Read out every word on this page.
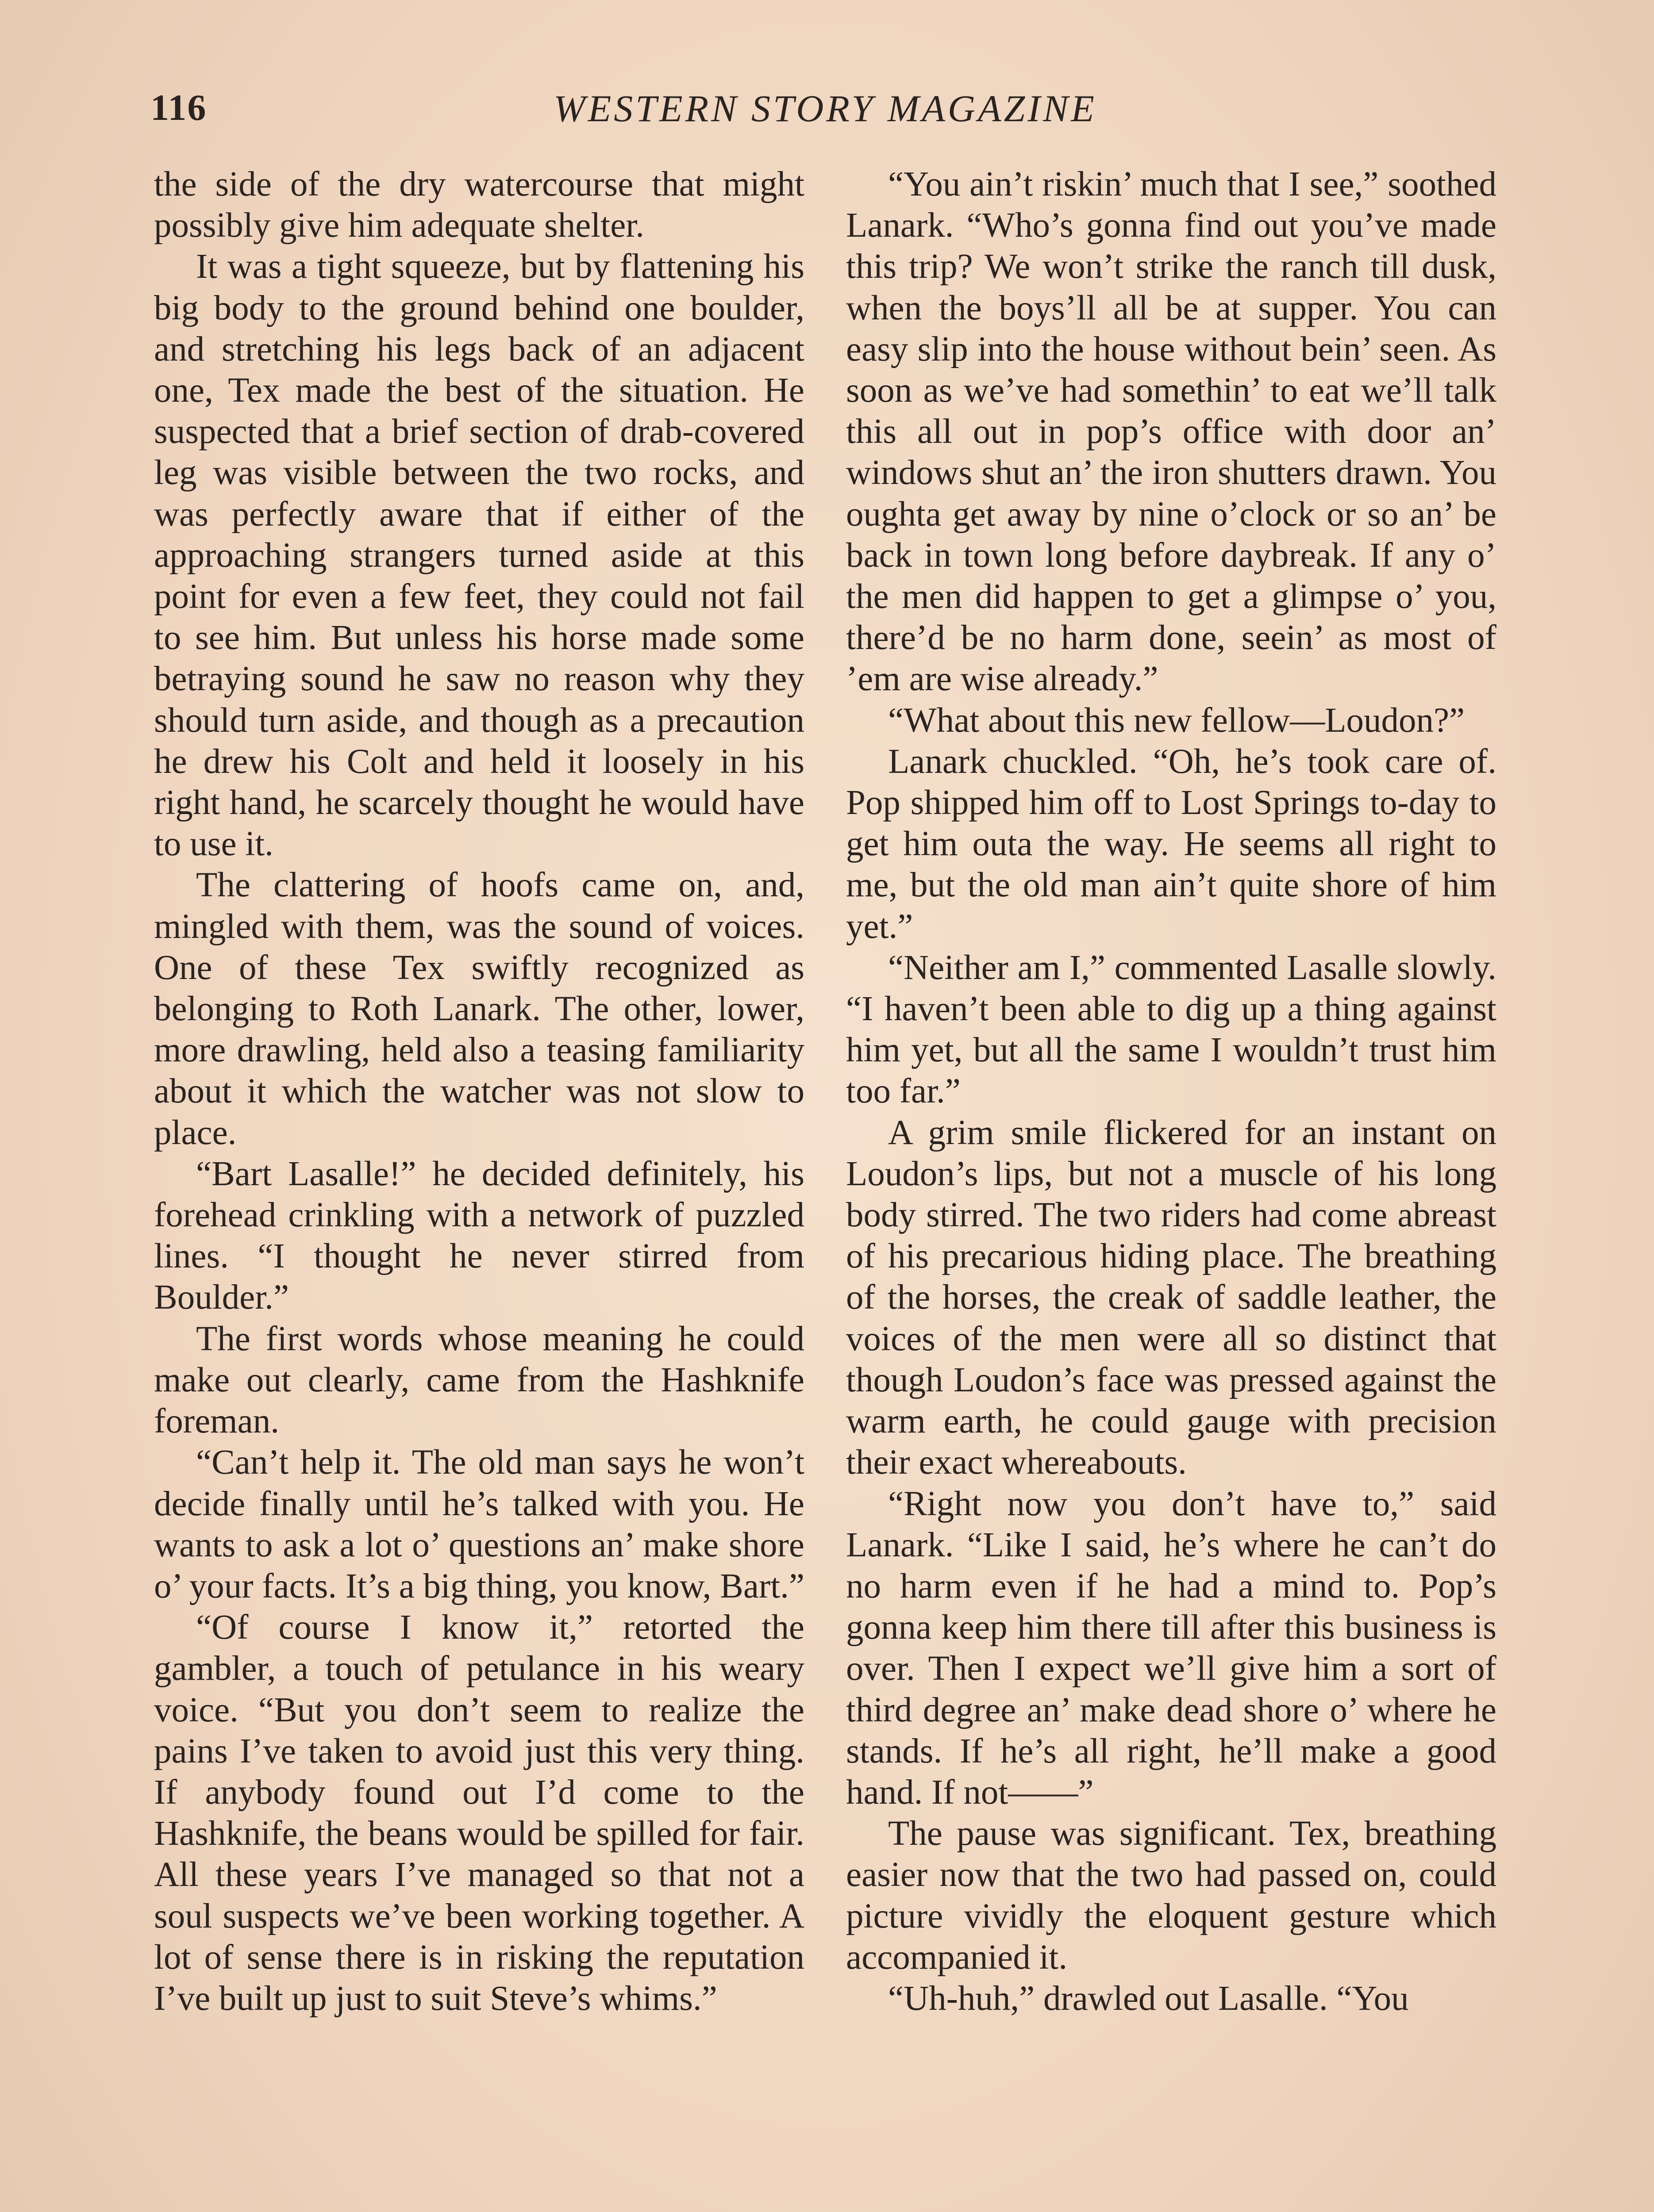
116	WESTERN STORY MAGAZINE

the side of the dry watercourse that might possibly give him adequate shelter.

It was a tight squeeze, but by flattening his big body to the ground behind one boulder, and stretching his legs back of an adjacent one, Tex made the best of the situation. He suspected that a brief section of drab-covered leg was visible between the two rocks, and was perfectly aware that if either of the approaching strangers turned aside at this point for even a few feet, they could not fail to see him. But unless his horse made some betraying sound he saw no reason why they should turn aside, and though as a precaution he drew his Colt and held it loosely in his right hand, he scarcely thought he would have to use it.

The clattering of hoofs came on, and, mingled with them, was the sound of voices. One of these Tex swiftly recognized as belonging to Roth Lanark. The other, lower, more drawling, held also a teasing familiarity about it which the watcher was not slow to place.

“Bart Lasalle!” he decided definitely, his forehead crinkling with a network of puzzled lines. “I thought he never stirred from Boulder.”

The first words whose meaning he could make out clearly, came from the Hashknife foreman.

“Can’t help it. The old man says he won’t decide finally until he’s talked with you. He wants to ask a lot o’ questions an’ make shore o’ your facts. It’s a big thing, you know, Bart.”

“Of course I know it,” retorted the gambler, a touch of petulance in his weary voice. “But you don’t seem to realize the pains I’ve taken to avoid just this very thing. If anybody found out I’d come to the Hashknife, the beans would be spilled for fair. All these years I’ve managed so that not a soul suspects we’ve been working together. A lot of sense there is in risking the reputation I’ve built up just to suit Steve’s whims.”

“You ain’t riskin’ much that I see,” soothed Lanark. “Who’s gonna find out you’ve made this trip? We won’t strike the ranch till dusk, when the boys’ll all be at supper. You can easy slip into the house without bein’ seen. As soon as we’ve had somethin’ to eat we’ll talk this all out in pop’s office with door an’ windows shut an’ the iron shutters drawn. You oughta get away by nine o’clock or so an’ be back in town long before daybreak. If any o’ the men did happen to get a glimpse o’ you, there’d be no harm done, seein’ as most of ’em are wise already.”

“What about this new fellow—Loudon?”

Lanark chuckled. “Oh, he’s took care of. Pop shipped him off to Lost Springs to-day to get him outa the way. He seems all right to me, but the old man ain’t quite shore of him yet.”

“Neither am I,” commented Lasalle slowly. “I haven’t been able to dig up a thing against him yet, but all the same I wouldn’t trust him too far.”

A grim smile flickered for an instant on Loudon’s lips, but not a muscle of his long body stirred. The two riders had come abreast of his precarious hiding place. The breathing of the horses, the creak of saddle leather, the voices of the men were all so distinct that though Loudon’s face was pressed against the warm earth, he could gauge with precision their exact whereabouts.

“Right now you don’t have to,” said Lanark. “Like I said, he’s where he can’t do no harm even if he had a mind to. Pop’s gonna keep him there till after this business is over. Then I expect we’ll give him a sort of third degree an’ make dead shore o’ where he stands. If he’s all right, he’ll make a good hand. If not——”

The pause was significant. Tex, breathing easier now that the two had passed on, could picture vividly the eloquent gesture which accompanied it.

“Uh-huh,” drawled out Lasalle. “You
